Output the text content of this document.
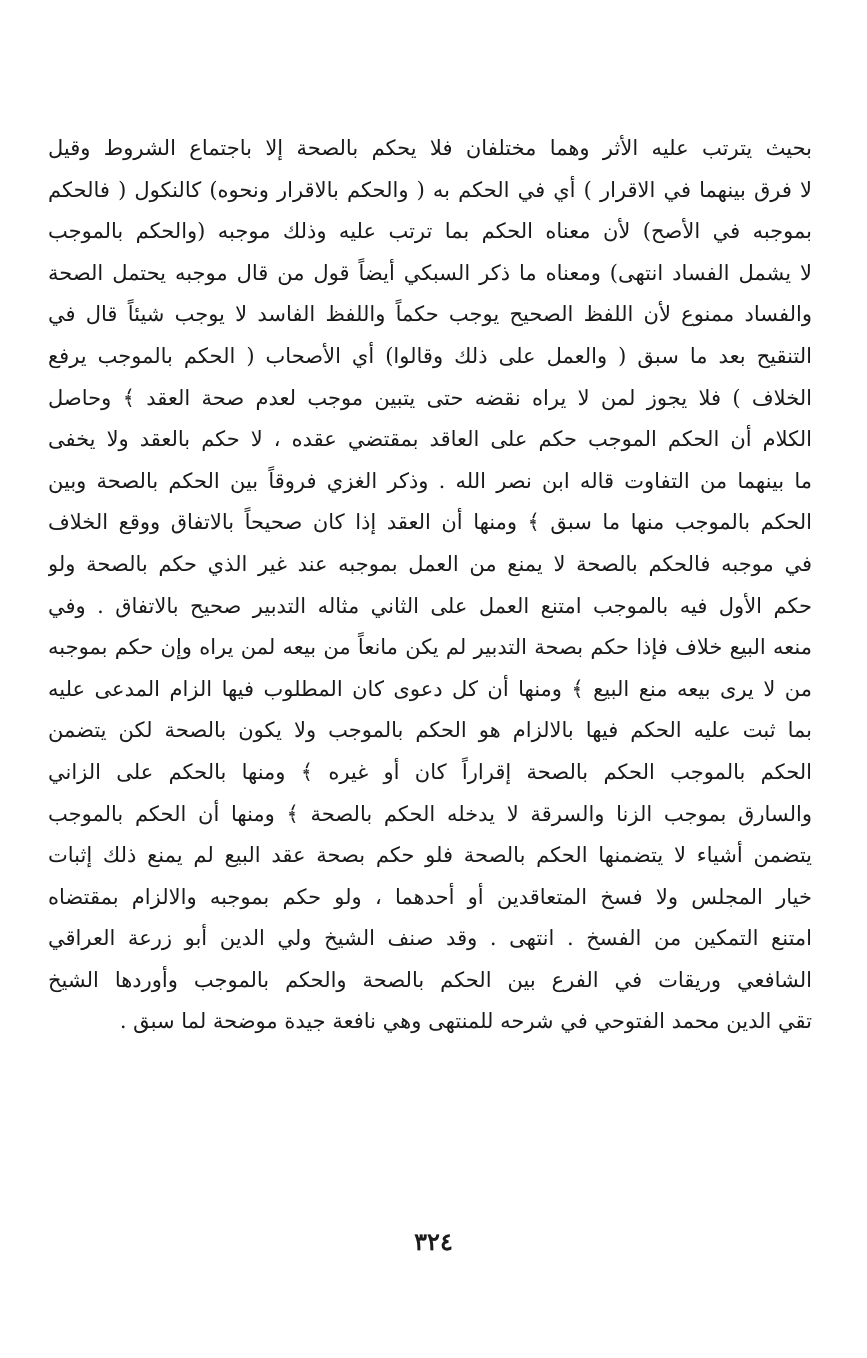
بحيث يترتب عليه الأثر وهما مختلفان فلا يحكم بالصحة إلا باجتماع الشروط وقيل
لا فرق بينهما في الاقرار ) أي في الحكم به ( والحكم بالاقرار ونحوه) كالنكول ( فالحكم
بموجبه في الأصح) لأن معناه الحكم بما ترتب عليه وذلك موجبه (والحكم بالموجب
لا يشمل الفساد انتهى) ومعناه ما ذكر السبكي أيضاً قول من قال موجبه يحتمل الصحة
والفساد ممنوع لأن اللفظ الصحيح يوجب حكماً واللفظ الفاسد لا يوجب شيئاً قال في
التنقيح بعد ما سبق ( والعمل على ذلك وقالوا) أي الأصحاب ( الحكم بالموجب يرفع
الخلاف ) فلا يجوز لمن لا يراه نقضه حتى يتبين موجب لعدم صحة العقد ﴾ وحاصل
الكلام أن الحكم الموجب حكم على العاقد بمقتضي عقده ، لا حكم بالعقد ولا يخفى
ما بينهما من التفاوت قاله ابن نصر الله . وذكر الغزي فروقاً بين الحكم بالصحة وبين
الحكم بالموجب منها ما سبق ﴾ ومنها أن العقد إذا كان صحيحاً بالاتفاق ووقع الخلاف
في موجبه فالحكم بالصحة لا يمنع من العمل بموجبه عند غير الذي حكم بالصحة ولو
حكم الأول فيه بالموجب امتنع العمل على الثاني مثاله التدبير صحيح بالاتفاق . وفي
منعه البيع خلاف فإذا حكم بصحة التدبير لم يكن مانعاً من بيعه لمن يراه وإن حكم بموجبه
من لا يرى بيعه منع البيع ﴾ ومنها أن كل دعوى كان المطلوب فيها الزام المدعى عليه
بما ثبت عليه الحكم فيها بالالزام هو الحكم بالموجب ولا يكون بالصحة لكن يتضمن
الحكم بالموجب الحكم بالصحة إقراراً كان أو غيره ﴾ ومنها بالحكم على الزاني
والسارق بموجب الزنا والسرقة لا يدخله الحكم بالصحة ﴾ ومنها أن الحكم بالموجب
يتضمن أشياء لا يتضمنها الحكم بالصحة فلو حكم بصحة عقد البيع لم يمنع ذلك إثبات
خيار المجلس ولا فسخ المتعاقدين أو أحدهما ، ولو حكم بموجبه والالزام بمقتضاه
امتنع التمكين من الفسخ . انتهى . وقد صنف الشيخ ولي الدين أبو زرعة العراقي
الشافعي وريقات في الفرع بين الحكم بالصحة والحكم بالموجب وأوردها الشيخ
تقي الدين محمد الفتوحي في شرحه للمنتهى وهي نافعة جيدة موضحة لما سبق .
٣٢٤
